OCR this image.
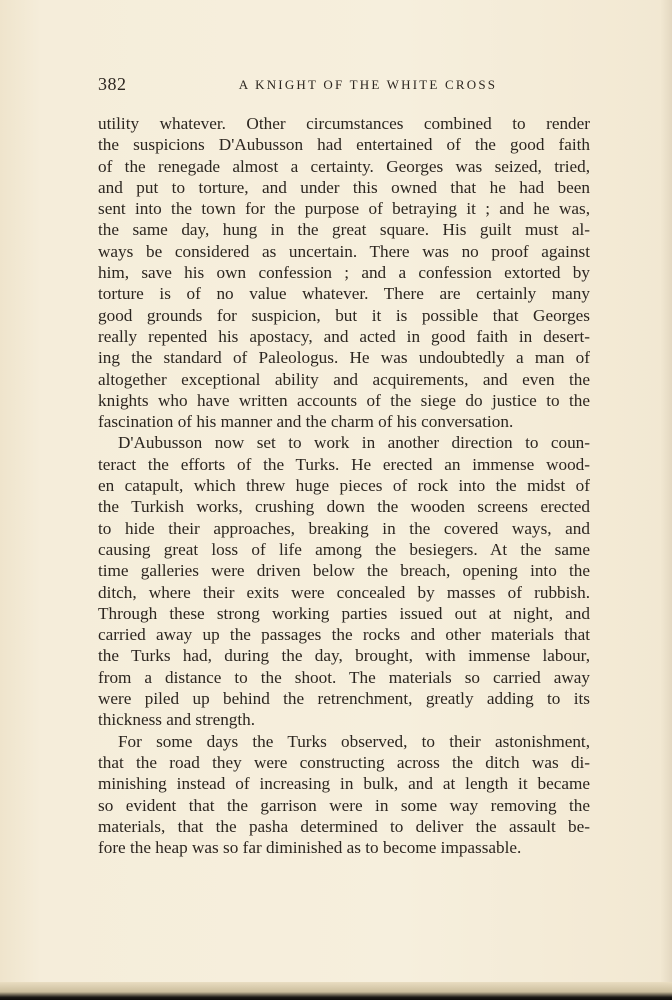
382	A KNIGHT OF THE WHITE CROSS
utility whatever. Other circumstances combined to render
the suspicions D'Aubusson had entertained of the good faith
of the renegade almost a certainty. Georges was seized, tried,
and put to torture, and under this owned that he had been
sent into the town for the purpose of betraying it ; and he was,
the same day, hung in the great square. His guilt must al-
ways be considered as uncertain. There was no proof against
him, save his own confession ; and a confession extorted by
torture is of no value whatever. There are certainly many
good grounds for suspicion, but it is possible that Georges
really repented his apostacy, and acted in good faith in desert-
ing the standard of Paleologus. He was undoubtedly a man of
altogether exceptional ability and acquirements, and even the
knights who have written accounts of the siege do justice to the
fascination of his manner and the charm of his conversation.
D'Aubusson now set to work in another direction to coun-
teract the efforts of the Turks. He erected an immense wood-
en catapult, which threw huge pieces of rock into the midst of
the Turkish works, crushing down the wooden screens erected
to hide their approaches, breaking in the covered ways, and
causing great loss of life among the besiegers. At the same
time galleries were driven below the breach, opening into the
ditch, where their exits were concealed by masses of rubbish.
Through these strong working parties issued out at night, and
carried away up the passages the rocks and other materials that
the Turks had, during the day, brought, with immense labour,
from a distance to the shoot. The materials so carried away
were piled up behind the retrenchment, greatly adding to its
thickness and strength.
For some days the Turks observed, to their astonishment,
that the road they were constructing across the ditch was di-
minishing instead of increasing in bulk, and at length it became
so evident that the garrison were in some way removing the
materials, that the pasha determined to deliver the assault be-
fore the heap was so far diminished as to become impassable.
